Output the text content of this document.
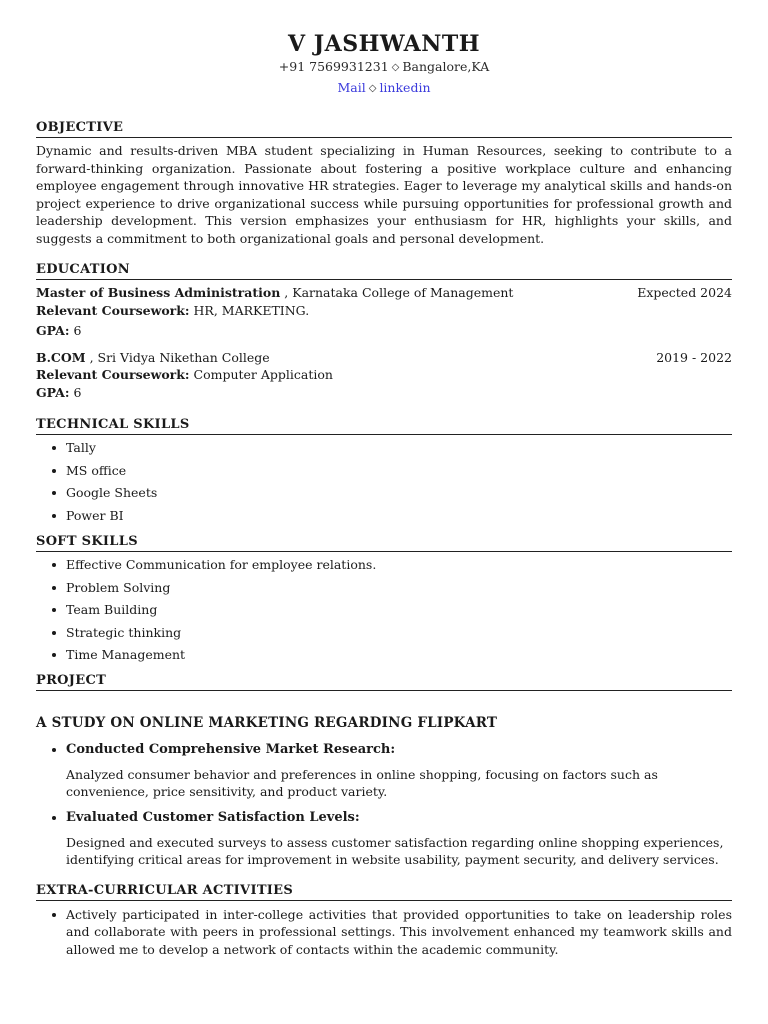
V JASHWANTH
+91 7569931231 ◇ Bangalore,KA
Mail ◇ linkedin
OBJECTIVE

Dynamic and results-driven MBA student specializing in Human Resources, seeking to contribute to a forward-thinking organization. Passionate about fostering a positive workplace culture and enhancing employee engagement through innovative HR strategies. Eager to leverage my analytical skills and hands-on project experience to drive organizational success while pursuing opportunities for professional growth and leadership development. This version emphasizes your enthusiasm for HR, highlights your skills, and suggests a commitment to both organizational goals and personal development.

EDUCATION
Master of Business Administration , Karnataka College of Management	Expected 2024
Relevant Coursework: HR, MARKETING.
GPA: 6
B.COM , Sri Vidya Nikethan College	2019 - 2022
Relevant Coursework: Computer Application
GPA: 6
TECHNICAL SKILLS
Tally
MS office
Google Sheets
Power BI
SOFT SKILLS
Effective Communication for employee relations.
Problem Solving
Team Building
Strategic thinking
Time Management
PROJECT
A STUDY ON ONLINE MARKETING REGARDING FLIPKART
Conducted Comprehensive Market Research:
Analyzed consumer behavior and preferences in online shopping, focusing on factors such as convenience, price sensitivity, and product variety.
Evaluated Customer Satisfaction Levels:
Designed and executed surveys to assess customer satisfaction regarding online shopping experiences, identifying critical areas for improvement in website usability, payment security, and delivery services.
EXTRA-CURRICULAR ACTIVITIES
Actively participated in inter-college activities that provided opportunities to take on leadership roles and collaborate with peers in professional settings. This involvement enhanced my teamwork skills and allowed me to develop a network of contacts within the academic community.
